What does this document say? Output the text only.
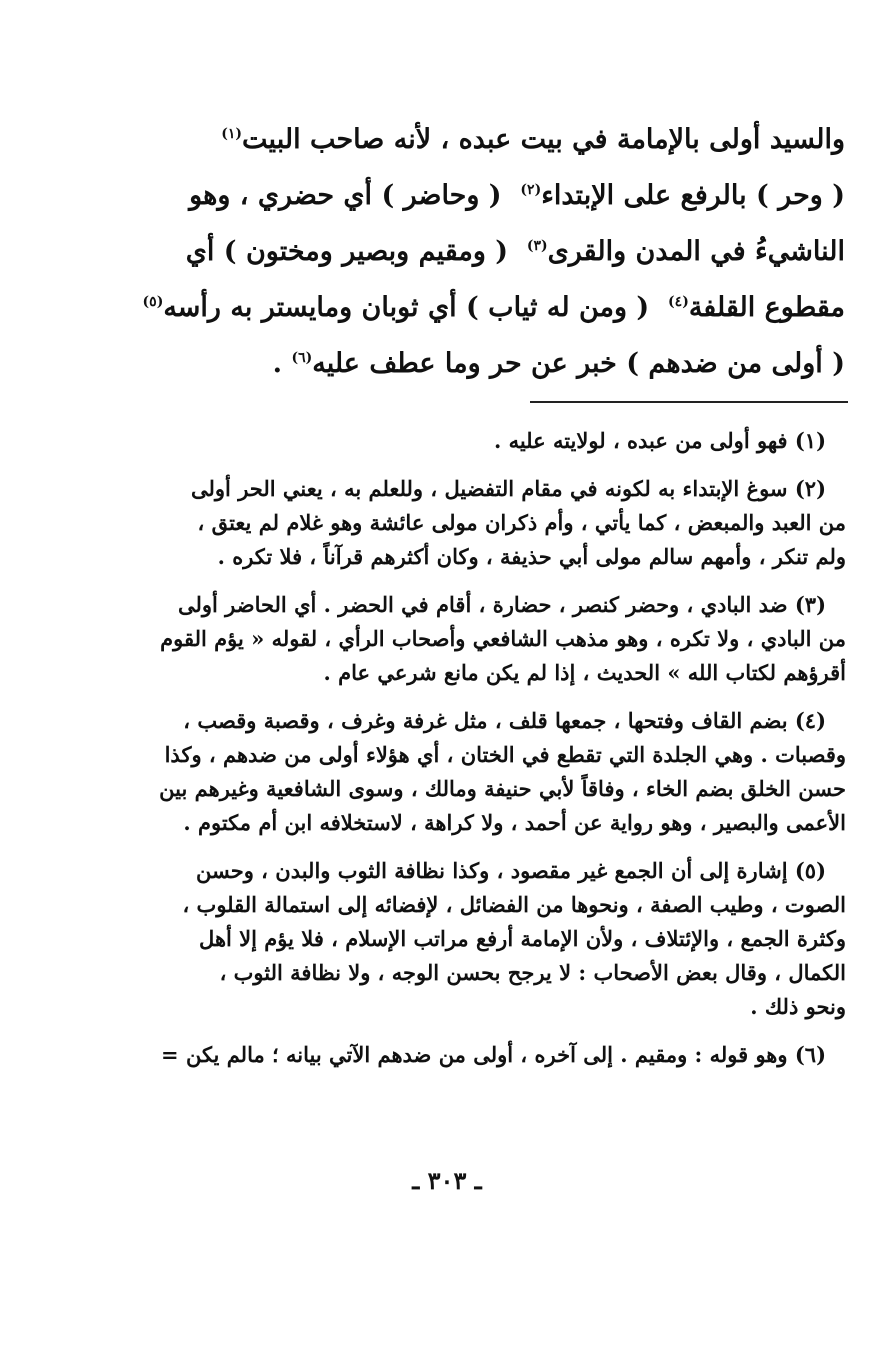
والسيد أولى بالإمامة في بيت عبده ، لأنه صاحب البيت$^{(١)}$
( وحر ) بالرفع على الإبتداء$^{(٢)}$  ( وحاضر ) أي حضري ، وهو
الناشيءُ في المدن والقرى$^{(٣)}$  ( ومقيم وبصير ومختون ) أي
مقطوع القلفة$^{(٤)}$  ( ومن له ثياب ) أي ثوبان ومايستر به رأسه$^{(٥)}$
( أولى من ضدهم ) خبر عن حر وما عطف عليه$^{(٦)}$ .
(١) فهو أولى من عبده ، لولايته عليه .
(٢) سوغ الإبتداء به لكونه في مقام التفضيل ، وللعلم به ، يعني الحر أولى
من العبد والمبعض ، كما يأتي ، وأم ذكران مولى عائشة وهو غلام لم يعتق ،
ولم تنكر ، وأمهم سالم مولى أبي حذيفة ، وكان أكثرهم قرآناً ، فلا تكره .
(٣) ضد البادي ، وحضر كنصر ، حضارة ، أقام في الحضر . أي الحاضر أولى
من البادي ، ولا تكره ، وهو مذهب الشافعي وأصحاب الرأي ، لقوله « يؤم القوم
أقرؤهم لكتاب الله » الحديث ، إذا لم يكن مانع شرعي عام .
(٤) بضم القاف وفتحها ، جمعها قلف ، مثل غرفة وغرف ، وقصبة وقصب ،
وقصبات . وهي الجلدة التي تقطع في الختان ، أي هؤلاء أولى من ضدهم ، وكذا
حسن الخلق بضم الخاء ، وفاقاً لأبي حنيفة ومالك ، وسوى الشافعية وغيرهم بين
الأعمى والبصير ، وهو رواية عن أحمد ، ولا كراهة ، لاستخلافه ابن أم مكتوم .
(٥) إشارة إلى أن الجمع غير مقصود ، وكذا نظافة الثوب والبدن ، وحسن
الصوت ، وطيب الصفة ، ونحوها من الفضائل ، لإفضائه إلى استمالة القلوب ،
وكثرة الجمع ، والإئتلاف ، ولأن الإمامة أرفع مراتب الإسلام ، فلا يؤم إلا أهل
الكمال ، وقال بعض الأصحاب : لا يرجح بحسن الوجه ، ولا نظافة الثوب ،
ونحو ذلك .
(٦) وهو قوله : ومقيم . إلى آخره ، أولى من ضدهم الآتي بيانه ؛ مالم يكن =
ـ ٣٠٣ ـ
